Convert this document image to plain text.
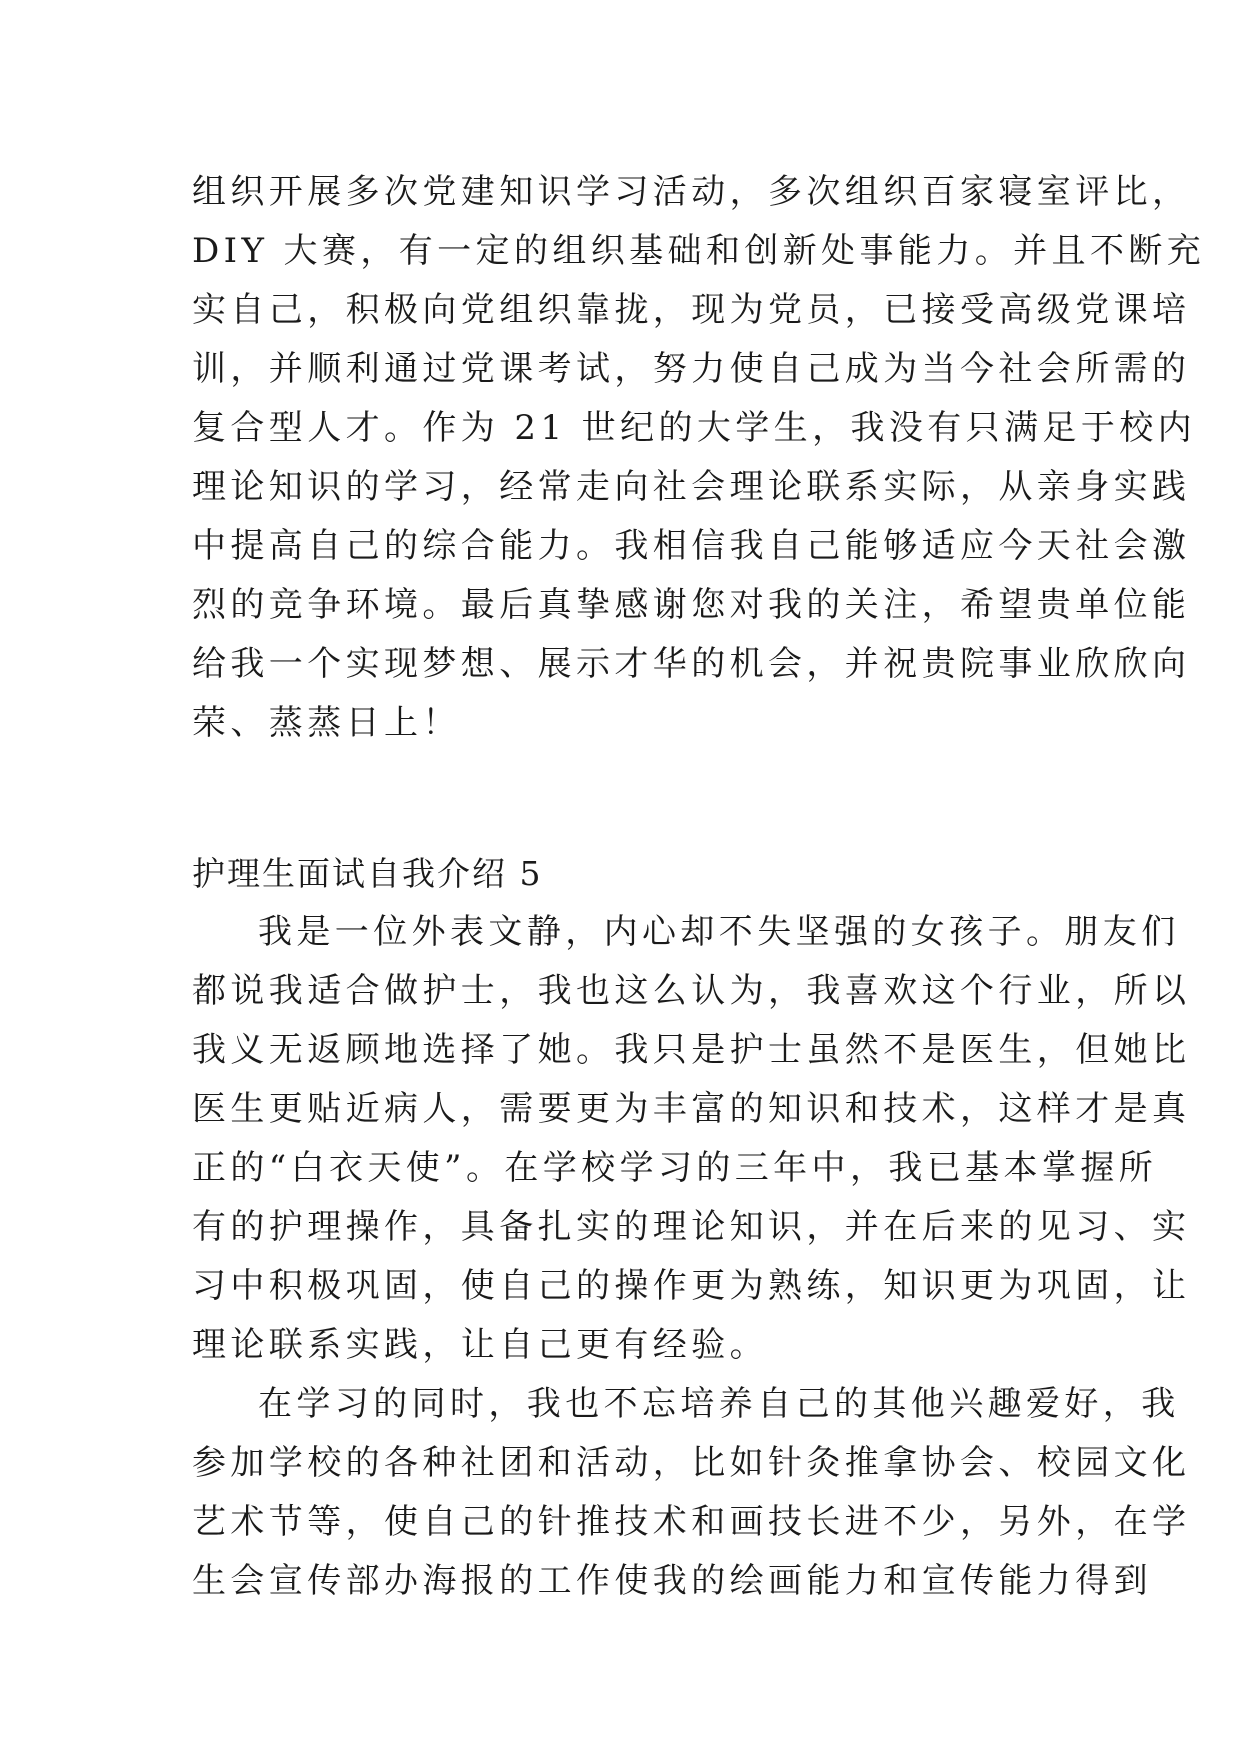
组织开展多次党建知识学习活动，多次组织百家寝室评比，
DIY 大赛，有一定的组织基础和创新处事能力。并且不断充
实自己，积极向党组织靠拢，现为党员，已接受高级党课培
训，并顺利通过党课考试，努力使自己成为当今社会所需的
复合型人才。作为 21 世纪的大学生，我没有只满足于校内
理论知识的学习，经常走向社会理论联系实际，从亲身实践
中提高自己的综合能力。我相信我自己能够适应今天社会激
烈的竞争环境。最后真挚感谢您对我的关注，希望贵单位能
给我一个实现梦想、展示才华的机会，并祝贵院事业欣欣向
荣、蒸蒸日上！
护理生面试自我介绍 5
我是一位外表文静，内心却不失坚强的女孩子。朋友们
都说我适合做护士，我也这么认为，我喜欢这个行业，所以
我义无返顾地选择了她。我只是护士虽然不是医生，但她比
医生更贴近病人，需要更为丰富的知识和技术，这样才是真
正的“白衣天使”。在学校学习的三年中，我已基本掌握所
有的护理操作，具备扎实的理论知识，并在后来的见习、实
习中积极巩固，使自己的操作更为熟练，知识更为巩固，让
理论联系实践，让自己更有经验。
在学习的同时，我也不忘培养自己的其他兴趣爱好，我
参加学校的各种社团和活动，比如针灸推拿协会、校园文化
艺术节等，使自己的针推技术和画技长进不少，另外，在学
生会宣传部办海报的工作使我的绘画能力和宣传能力得到
